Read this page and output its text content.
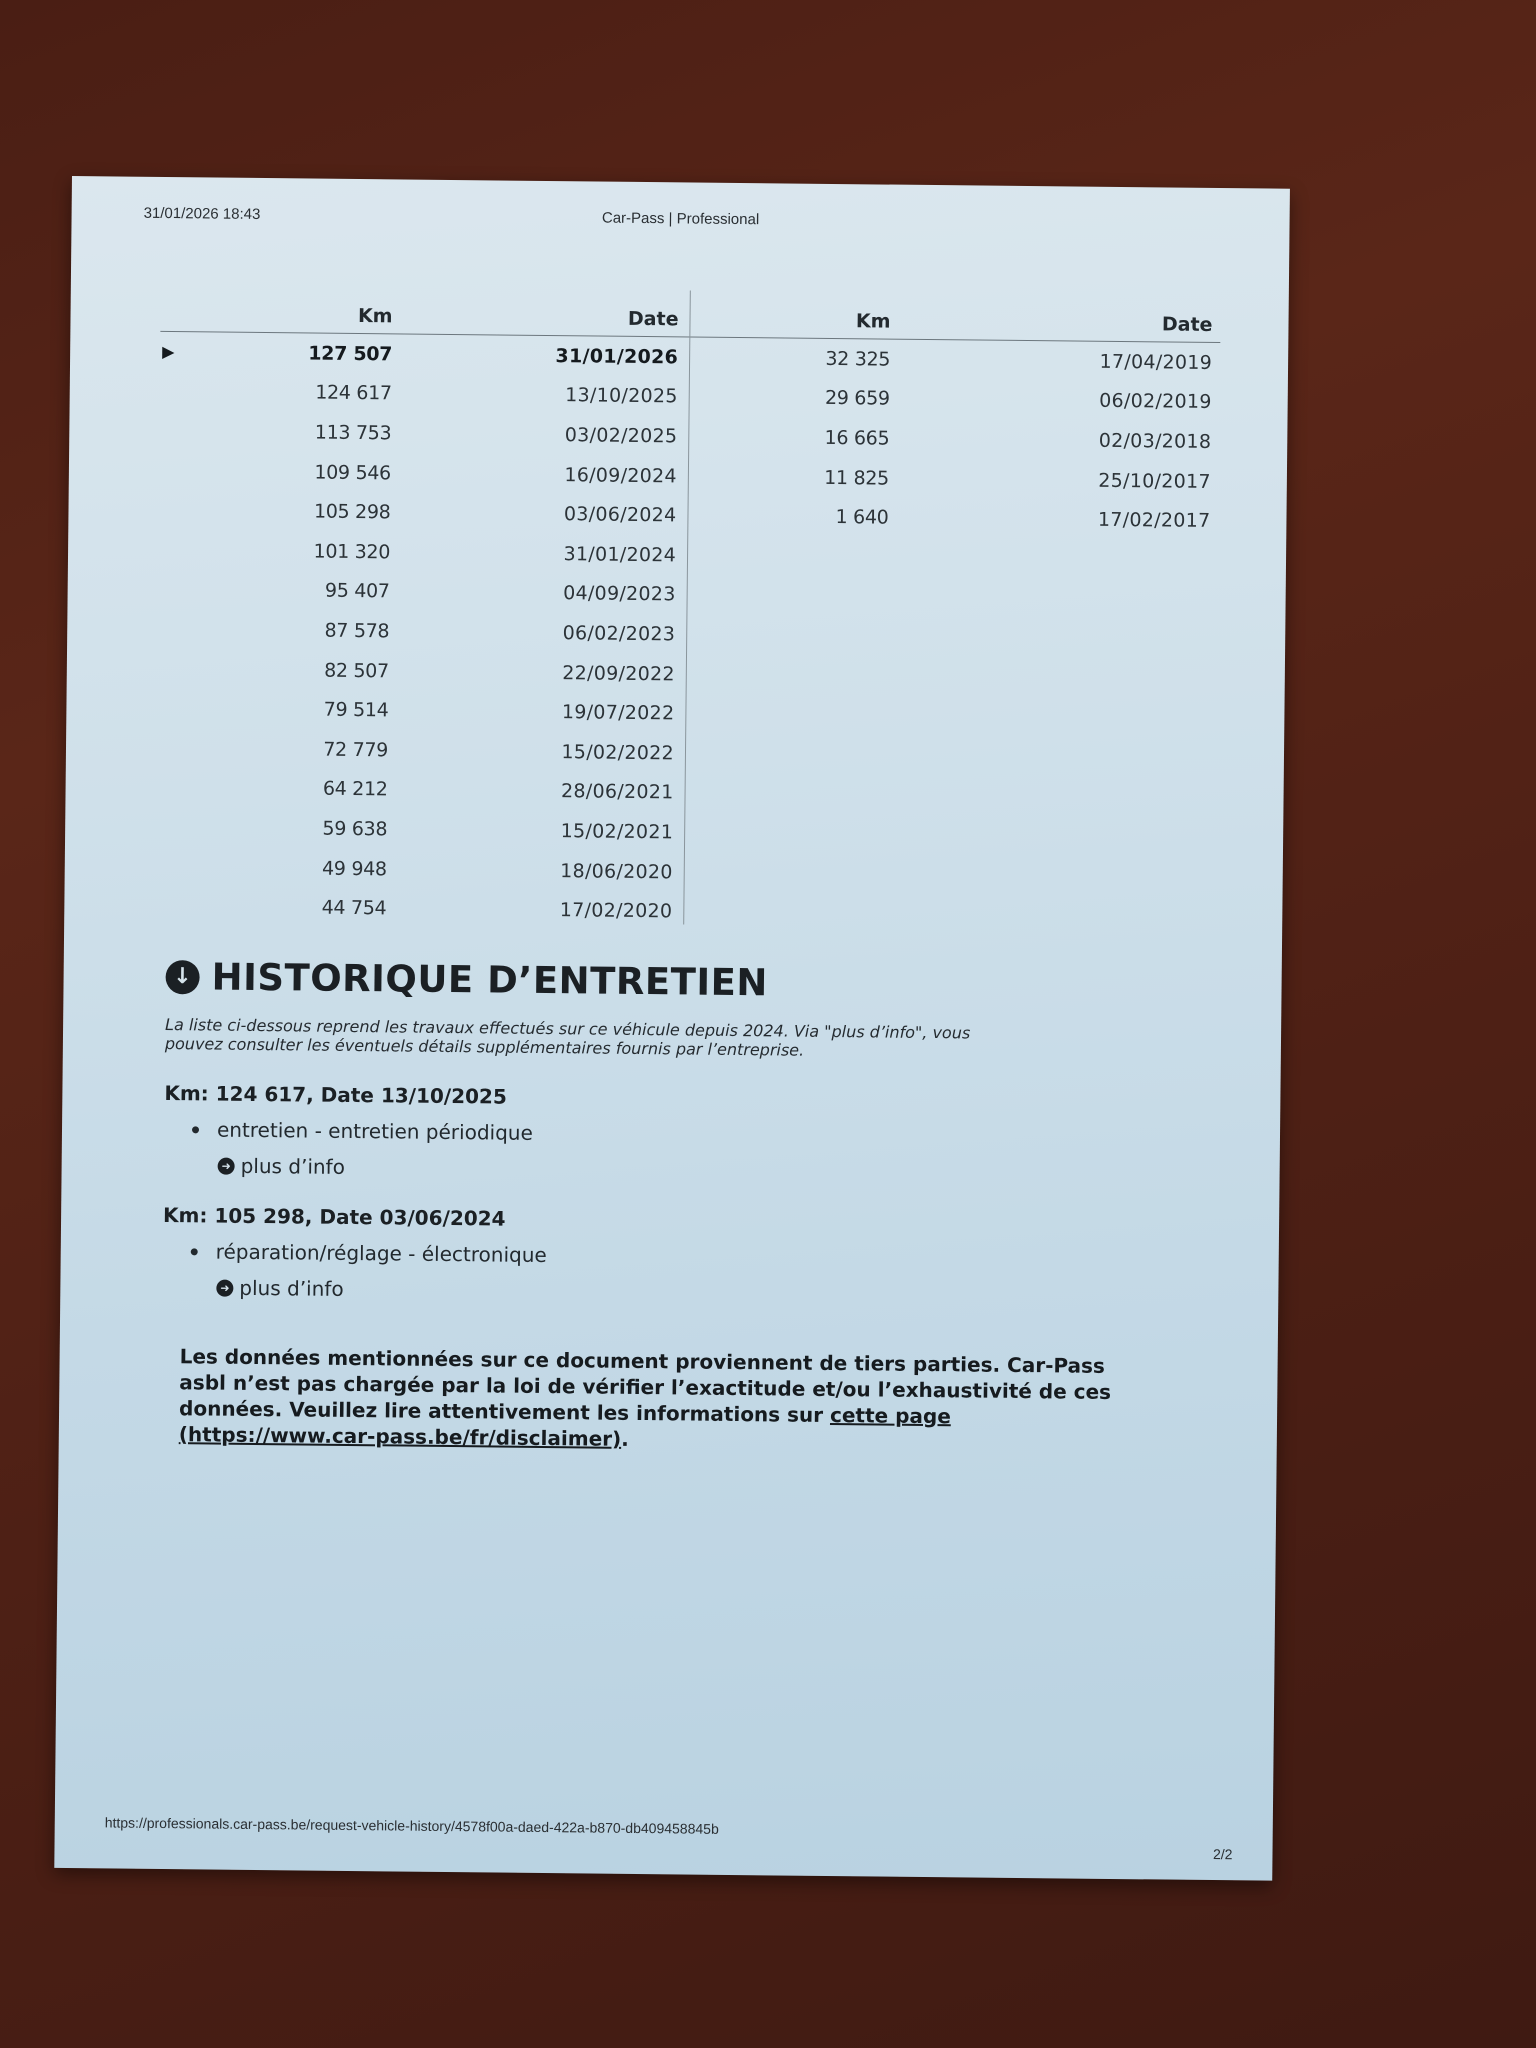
31/01/2026 18:43	Car-Pass | Professional
Km	Date
▶	127 507	31/01/2026
124 617	13/10/2025
113 753	03/02/2025
109 546	16/09/2024
105 298	03/06/2024
101 320	31/01/2024
95 407	04/09/2023
87 578	06/02/2023
82 507	22/09/2022
79 514	19/07/2022
72 779	15/02/2022
64 212	28/06/2021
59 638	15/02/2021
49 948	18/06/2020
44 754	17/02/2020
Km	Date
32 325	17/04/2019
29 659	06/02/2019
16 665	02/03/2018
11 825	25/10/2017
1 640	17/02/2017
↓ HISTORIQUE D’ENTRETIEN
La liste ci-dessous reprend les travaux effectués sur ce véhicule depuis 2024. Via "plus d’info", vous pouvez consulter les éventuels détails supplémentaires fournis par l’entreprise.
Km: 124 617, Date 13/10/2025
entretien - entretien périodique
➜ plus d’info
Km: 105 298, Date 03/06/2024
réparation/réglage - électronique
➜ plus d’info
Les données mentionnées sur ce document proviennent de tiers parties. Car-Pass asbl n’est pas chargée par la loi de vérifier l’exactitude et/ou l’exhaustivité de ces données. Veuillez lire attentivement les informations sur cette page (https://www.car-pass.be/fr/disclaimer).
https://professionals.car-pass.be/request-vehicle-history/4578f00a-daed-422a-b870-db409458845b
2/2
